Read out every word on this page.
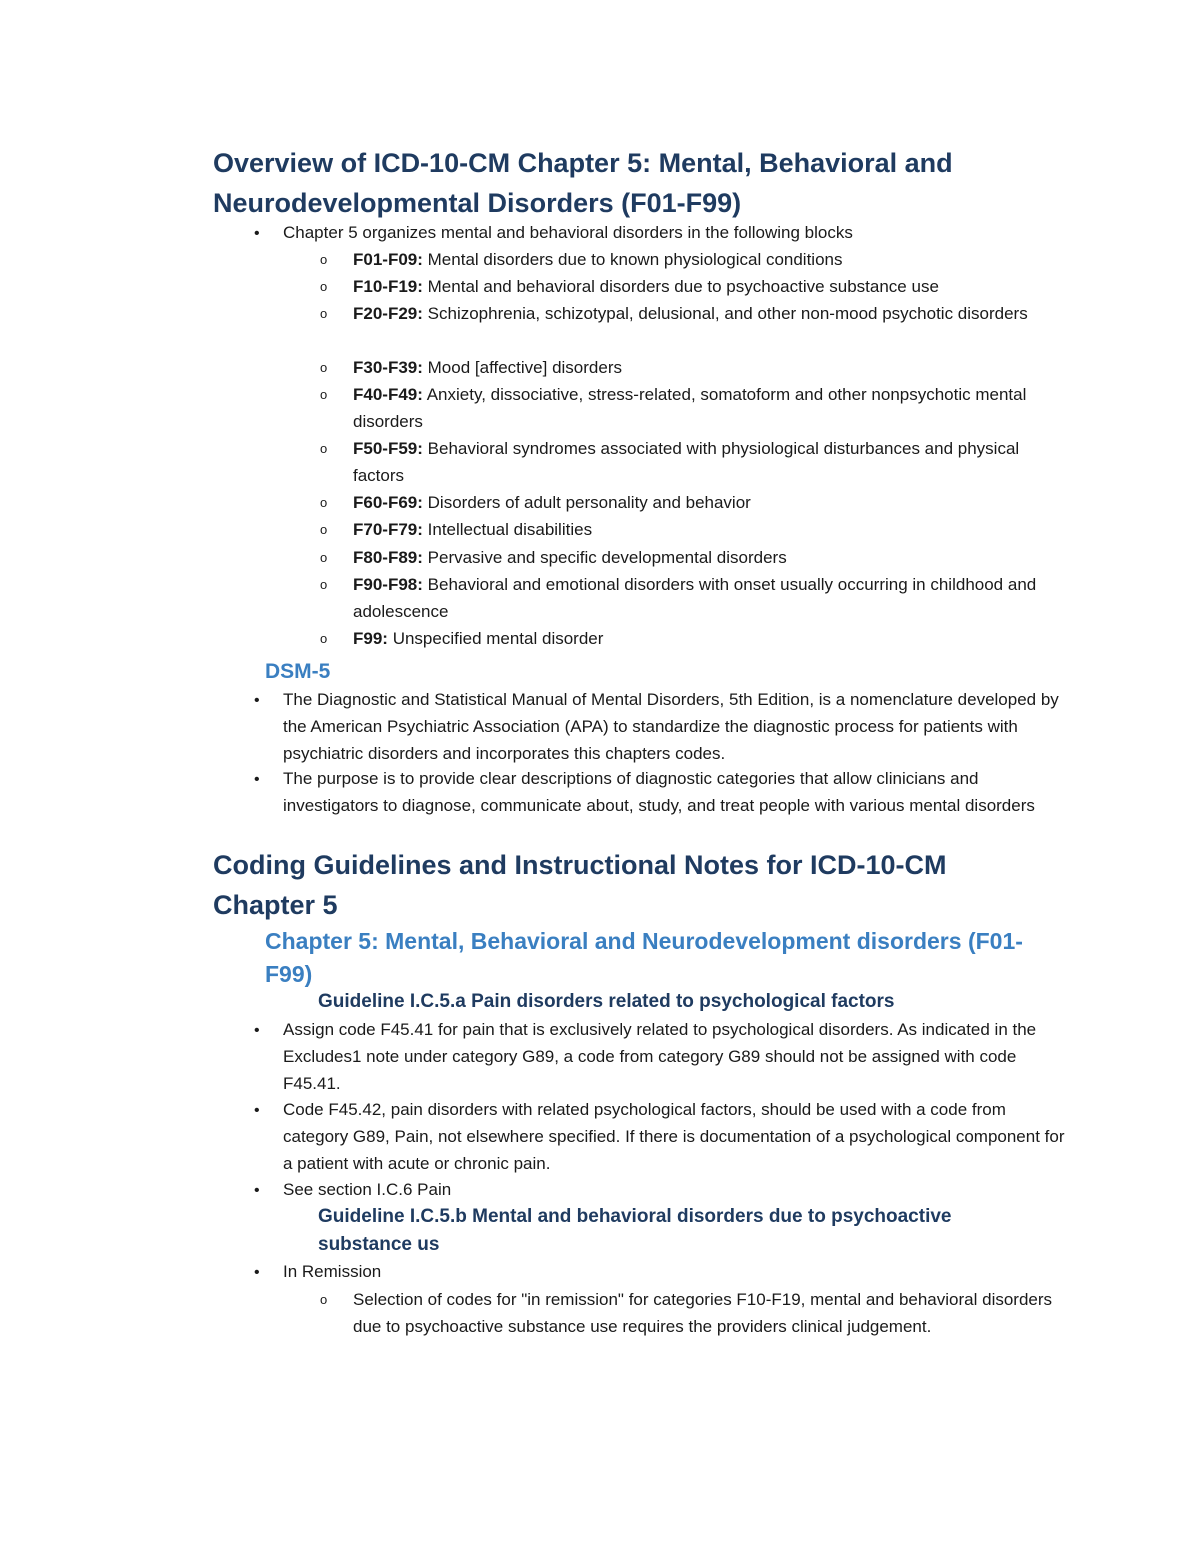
Overview of ICD-10-CM Chapter 5: Mental, Behavioral and Neurodevelopmental Disorders (F01-F99)
• Chapter 5 organizes mental and behavioral disorders in the following blocks

o F01-F09: Mental disorders due to known physiological conditions

o F10-F19: Mental and behavioral disorders due to psychoactive substance use

o F20-F29: Schizophrenia, schizotypal, delusional, and other non-mood psychotic disorders

o F30-F39: Mood [affective] disorders

o F40-F49: Anxiety, dissociative, stress-related, somatoform and other nonpsychotic mental disorders

o F50-F59: Behavioral syndromes associated with physiological disturbances and physical factors

o F60-F69: Disorders of adult personality and behavior

o F70-F79: Intellectual disabilities

o F80-F89: Pervasive and specific developmental disorders

o F90-F98: Behavioral and emotional disorders with onset usually occurring in childhood and adolescence

o F99: Unspecified mental disorder

DSM-5
• The Diagnostic and Statistical Manual of Mental Disorders, 5th Edition, is a nomenclature developed by the American Psychiatric Association (APA) to standardize the diagnostic process for patients with psychiatric disorders and incorporates this chapters codes.

• The purpose is to provide clear descriptions of diagnostic categories that allow clinicians and investigators to diagnose, communicate about, study, and treat people with various mental disorders

Coding Guidelines and Instructional Notes for ICD-10-CM Chapter 5
Chapter 5: Mental, Behavioral and Neurodevelopment disorders (F01-F99)
Guideline I.C.5.a Pain disorders related to psychological factors
• Assign code F45.41 for pain that is exclusively related to psychological disorders. As indicated in the Excludes1 note under category G89, a code from category G89 should not be assigned with code F45.41.

• Code F45.42, pain disorders with related psychological factors, should be used with a code from category G89, Pain, not elsewhere specified. If there is documentation of a psychological component for a patient with acute or chronic pain.

• See section I.C.6 Pain

Guideline I.C.5.b Mental and behavioral disorders due to psychoactive substance us
• In Remission

o Selection of codes for "in remission" for categories F10-F19, mental and behavioral disorders due to psychoactive substance use requires the providers clinical judgement.
